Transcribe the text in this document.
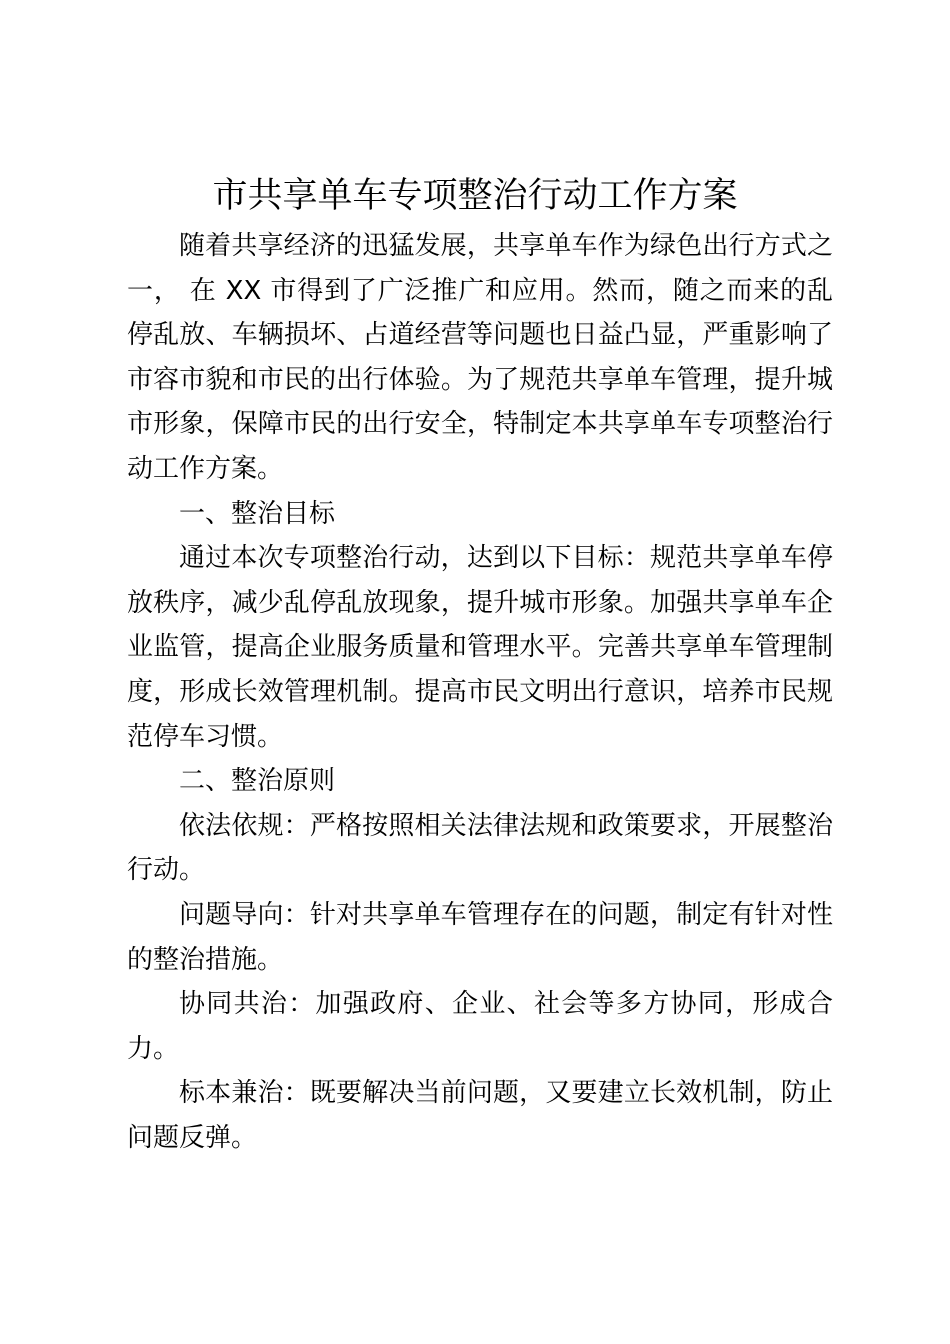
市共享单车专项整治行动工作方案

随着共享经济的迅猛发展，共享单车作为绿色出行方式之一， 在 XX 市得到了广泛推广和应用。然而，随之而来的乱停乱放、车辆损坏、占道经营等问题也日益凸显，严重影响了市容市貌和市民的出行体验。为了规范共享单车管理，提升城市形象，保障市民的出行安全，特制定本共享单车专项整治行动工作方案。

一、整治目标

通过本次专项整治行动，达到以下目标：规范共享单车停放秩序，减少乱停乱放现象，提升城市形象。加强共享单车企业监管，提高企业服务质量和管理水平。完善共享单车管理制度，形成长效管理机制。提高市民文明出行意识，培养市民规范停车习惯。

二、整治原则

依法依规：严格按照相关法律法规和政策要求，开展整治行动。

问题导向：针对共享单车管理存在的问题，制定有针对性的整治措施。

协同共治：加强政府、企业、社会等多方协同，形成合力。

标本兼治：既要解决当前问题，又要建立长效机制，防止问题反弹。
